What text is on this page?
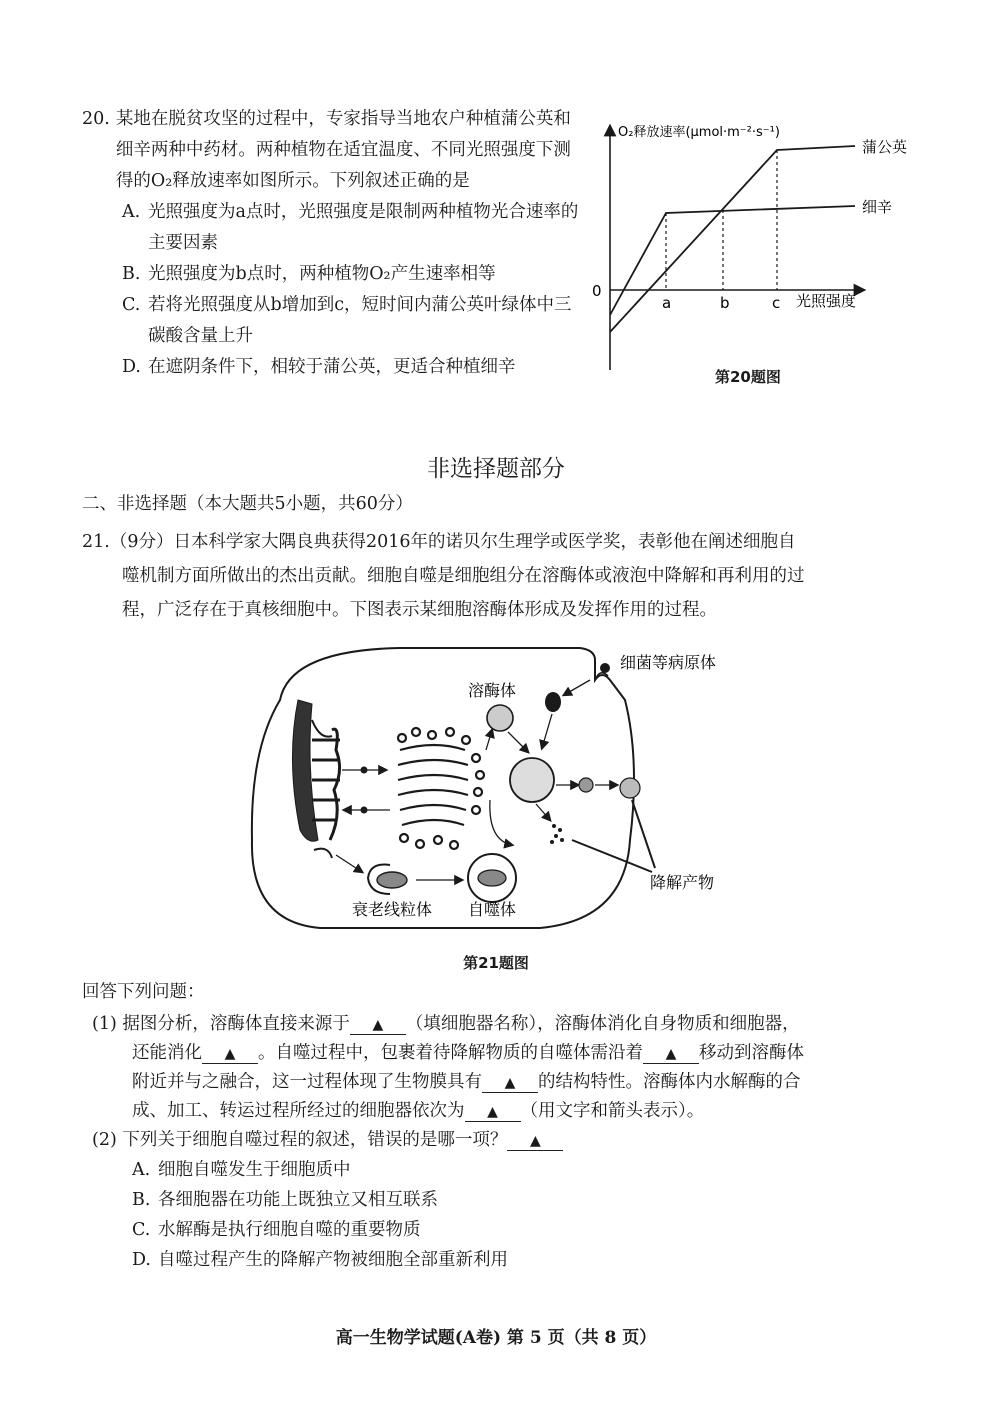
20. 某地在脱贫攻坚的过程中，专家指导当地农户种植蒲公英和细辛两种中药材。两种植物在适宜温度、不同光照强度下测得的O₂释放速率如图所示。下列叙述正确的是
A. 光照强度为a点时，光照强度是限制两种植物光合速率的主要因素
B. 光照强度为b点时，两种植物O₂产生速率相等
C. 若将光照强度从b增加到c，短时间内蒲公英叶绿体中三碳酸含量上升
D. 在遮阴条件下，相较于蒲公英，更适合种植细辛
O₂释放速率(μmol·m⁻²·s⁻¹)
0
光照强度
a	b	c
蒲公英
细辛
第20题图
非选择题部分
二、非选择题（本大题共5小题，共60分）
21.（9分）日本科学家大隅良典获得2016年的诺贝尔生理学或医学奖，表彰他在阐述细胞自
噬机制方面所做出的杰出贡献。细胞自噬是细胞组分在溶酶体或液泡中降解和再利用的过
程，广泛存在于真核细胞中。下图表示某细胞溶酶体形成及发挥作用的过程。
溶酶体
降解产物
衰老线粒体 自噬体
细菌等病原体
第21题图
回答下列问题：
(1) 据图分析，溶酶体直接来源于 ▲ （填细胞器名称），溶酶体消化自身物质和细胞器，
还能消化 ▲ 。自噬过程中，包裹着待降解物质的自噬体需沿着 ▲ 移动到溶酶体
附近并与之融合，这一过程体现了生物膜具有 ▲ 的结构特性。溶酶体内水解酶的合
成、加工、转运过程所经过的细胞器依次为 ▲ （用文字和箭头表示）。
(2) 下列关于细胞自噬过程的叙述，错误的是哪一项？ ▲
A. 细胞自噬发生于细胞质中
B. 各细胞器在功能上既独立又相互联系
C. 水解酶是执行细胞自噬的重要物质
D. 自噬过程产生的降解产物被细胞全部重新利用
高一生物学试题(A卷) 第 5 页（共 8 页）
